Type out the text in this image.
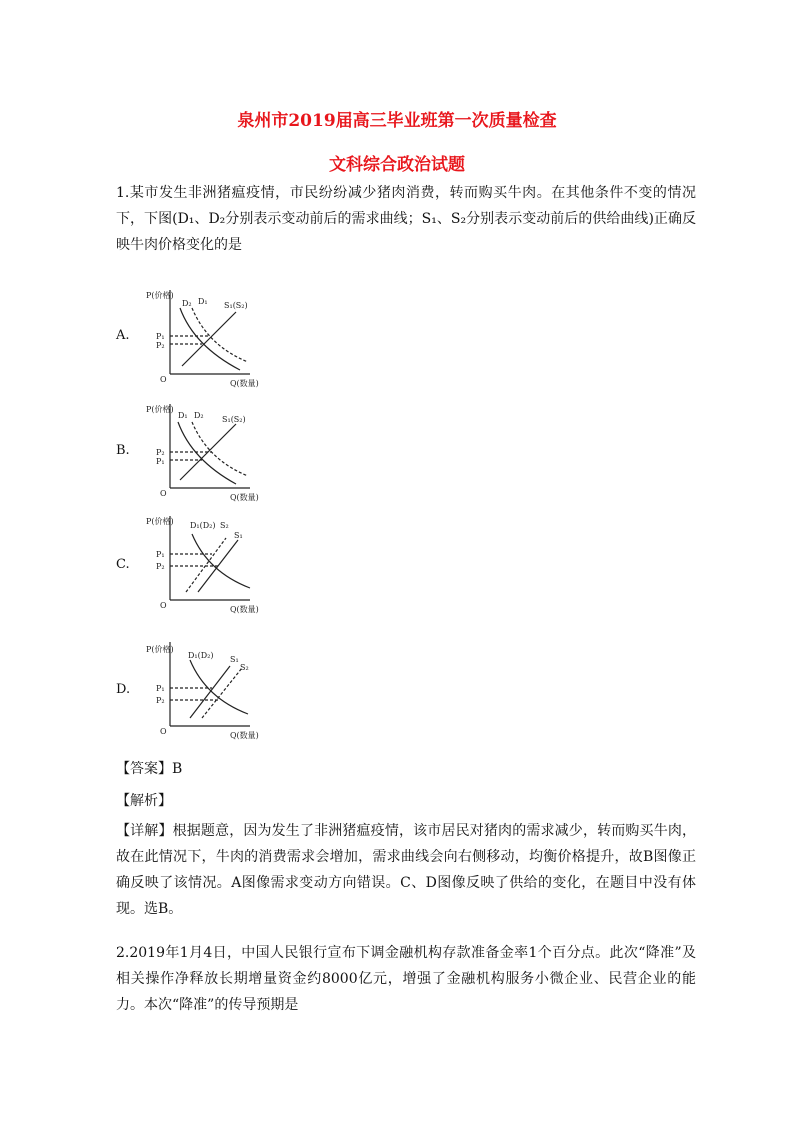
泉州市2019届高三毕业班第一次质量检查
文科综合政治试题

1.某市发生非洲猪瘟疫情，市民纷纷减少猪肉消费，转而购买牛肉。在其他条件不变的情况下，下图(D₁、D₂分别表示变动前后的需求曲线；S₁、S₂分别表示变动前后的供给曲线)正确反映牛肉价格变化的是

A.
P(价格)
D₂ D₁ S₁(S₂)
P₁
P₂
O	Q(数量)
B.
P(价格)
D₁ D₂ S₁(S₂)
P₂
P₁
O	Q(数量)
C.
P(价格) D₁(D₂) S₂
S₁
P₁
P₂
O	Q(数量)
D.
P(价格)
D₁(D₂) S₁
S₂
P₁
P₂
O	Q(数量)
【答案】B
【解析】

【详解】根据题意，因为发生了非洲猪瘟疫情，该市居民对猪肉的需求减少，转而购买牛肉，故在此情况下，牛肉的消费需求会增加，需求曲线会向右侧移动，均衡价格提升，故B图像正确反映了该情况。A图像需求变动方向错误。C、D图像反映了供给的变化，在题目中没有体现。选B。

2.2019年1月4日，中国人民银行宣布下调金融机构存款准备金率1个百分点。此次“降准”及相关操作净释放长期增量资金约8000亿元，增强了金融机构服务小微企业、民营企业的能力。本次“降准”的传导预期是
